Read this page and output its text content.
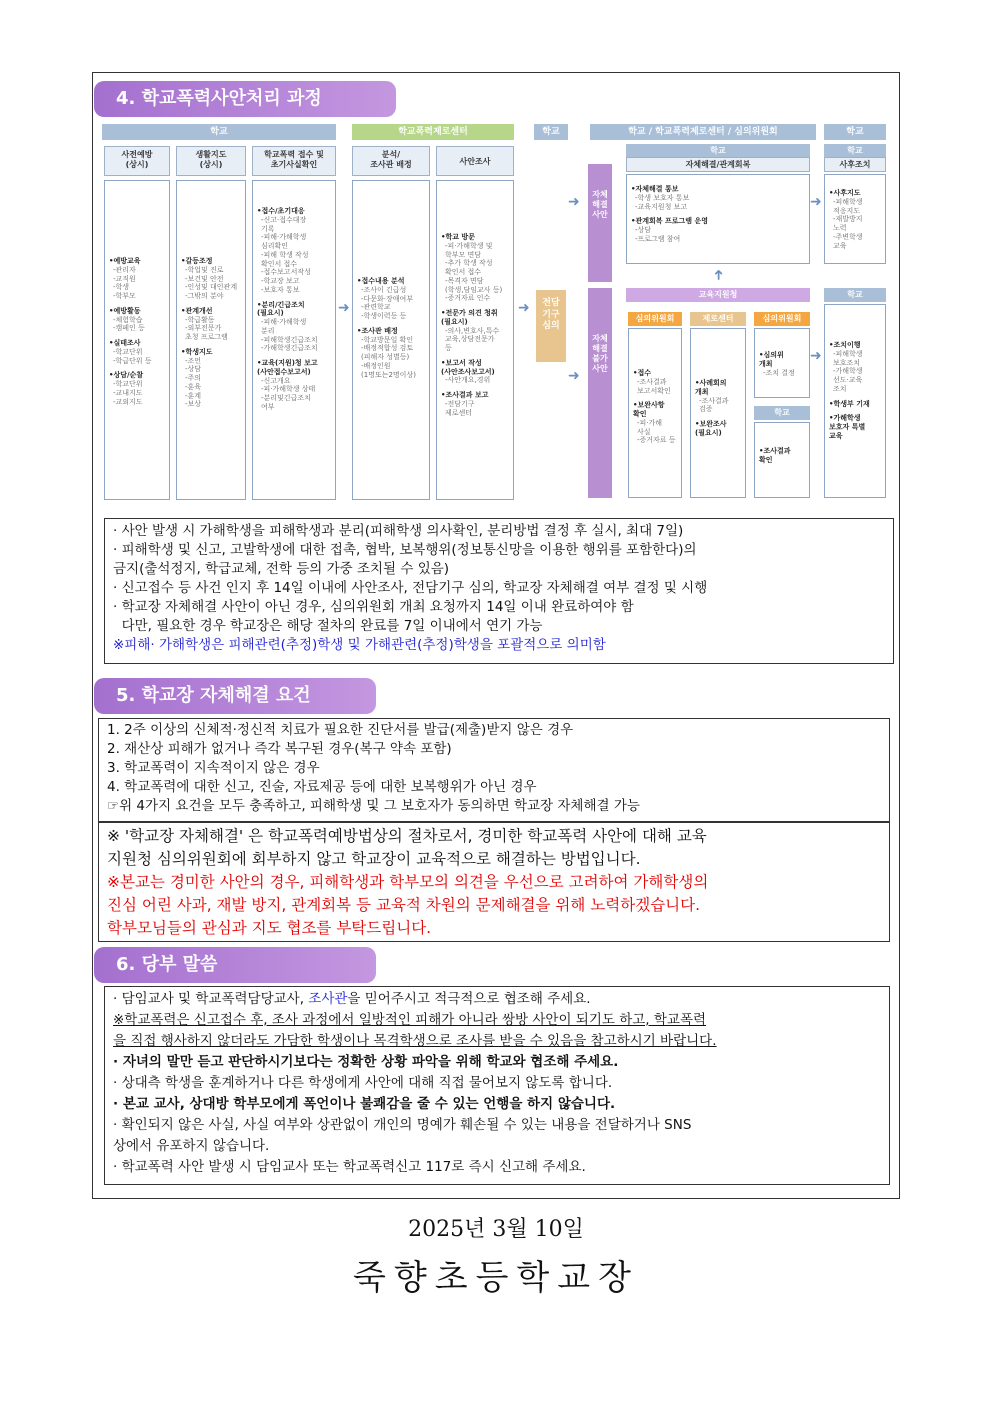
4. 학교폭력사안처리 과정
학교	학교폭력제로센터	학교	학교 / 학교폭력제로센터 / 심의위원회	학교
사전예방
(상시)
생활지도
(상시)
학교폭력 접수 및
초기사실확인
분석/
조사관 배정	사안조사
•예방교육
-관리자
-교직원
-학생
-학부모
•예방활동
-체험학습
-캠페인 등
•실태조사
-학교단위
-학급단위 등
•상담/순찰
-학교단위
-교내지도
-교외지도
•갈등조정
-학업및 진로
-보건및 안전
-인성및 대인관계
-그밖의 분야
•관계개선
-학급활동
-외부전문가
초청 프로그램
•학생지도
-조언
-상담
-주의
-훈육
-훈계
-보상
•접수/초기대응
-신고·접수대장
기록
-피해·가해학생
심리확인
-피해 학생 작성
확인서 접수
-접수보고서작성
-학교장 보고
-보호자 통보
•분리/긴급조치
(필요시)
-피해·가해학생
분리
-피해학생긴급조치
-가해학생긴급조치
•교육(지원)청 보고
(사안접수보고서)
-신고개요
-피·가해학생 상태
-분리및긴급조치
여부
•접수내용 분석
-조사이 긴급성
-다문화·장애여부
-관련학교
-학생이력등 등
•조사관 배정
-학교방문일 확인
-배정적합성 검토
(피해자 성별등)
-배정인원
(1명또는2명이상)
•학교 방문
-피·가해학생 및
학부모 면담
-추가 학생 작성
확인서 접수
-목격자 면담
(학생,담임교사 등)
-증거자료 인수
•전문가 의견 청취
(필요시)
-의사,변호사,특수
교육,상담전문가
등
•보고서 작성
(사안조사보고서)
-사안개요,경위
•조사결과 보고
-전담기구
제로센터
➜	➜	전담
기구
심의
자체
해결
사안
자체
해결
불가
사안
➜
➜
학교
자체해결/관계회복
•자체해결 통보
-학생 보호자 통보
-교육지원청 보고
•관계회복 프로그램 운영
-상담
-프로그램 참여
교육지원청
심의위원회	제로센터	심의위원회
•접수
-조사결과
보고서확인
•보완사항
확인
-피·가해
사실
-증거자료 등
•사례회의
개최
-조사결과
검증
•보완조사
(필요시)
•심의위
개최
-조치 결정
학교
•조사결과
확인
학교
사후조치
•사후지도
-피해학생
적응지도
-재발방지
노력
-주변학생
교육
학교
•조치이행
-피해학생
보호조치
-가해학생
선도·교육
조치
•학생부 기재
•가해학생
보호자 특별
교육
➜
➜
➜
· 사안 발생 시 가해학생을 피해학생과 분리(피해학생 의사확인, 분리방법 결정 후 실시, 최대 7일)
· 피해학생 및 신고, 고발학생에 대한 접촉, 협박, 보복행위(정보통신망을 이용한 행위를 포함한다)의
금지(출석정지, 학급교체, 전학 등의 가중 조치될 수 있음)
· 신고접수 등 사건 인지 후 14일 이내에 사안조사, 전담기구 심의, 학교장 자체해결 여부 결정 및 시행
· 학교장 자체해결 사안이 아닌 경우, 심의위원회 개최 요청까지 14일 이내 완료하여야 함
다만, 필요한 경우 학교장은 해당 절차의 완료를 7일 이내에서 연기 가능
※피해· 가해학생은 피해관련(추정)학생 및 가해관련(추정)학생을 포괄적으로 의미함
5. 학교장 자체해결 요건
1. 2주 이상의 신체적·정신적 치료가 필요한 진단서를 발급(제출)받지 않은 경우
2. 재산상 피해가 없거나 즉각 복구된 경우(복구 약속 포함)
3. 학교폭력이 지속적이지 않은 경우
4. 학교폭력에 대한 신고, 진술, 자료제공 등에 대한 보복행위가 아닌 경우
☞위 4가지 요건을 모두 충족하고, 피해학생 및 그 보호자가 동의하면 학교장 자체해결 가능
※ '학교장 자체해결' 은 학교폭력예방법상의 절차로서, 경미한 학교폭력 사안에 대해 교육
지원청 심의위원회에 회부하지 않고 학교장이 교육적으로 해결하는 방법입니다.
※본교는 경미한 사안의 경우, 피해학생과 학부모의 의견을 우선으로 고려하여 가해학생의
진심 어린 사과, 재발 방지, 관계회복 등 교육적 차원의 문제해결을 위해 노력하겠습니다.
학부모님들의 관심과 지도 협조를 부탁드립니다.
6. 당부 말씀
· 담임교사 및 학교폭력담당교사, 조사관을 믿어주시고 적극적으로 협조해 주세요.
※학교폭력은 신고접수 후, 조사 과정에서 일방적인 피해가 아니라 쌍방 사안이 되기도 하고, 학교폭력
을 직접 행사하지 않더라도 가담한 학생이나 목격학생으로 조사를 받을 수 있음을 참고하시기 바랍니다.
· 자녀의 말만 듣고 판단하시기보다는 정확한 상황 파악을 위해 학교와 협조해 주세요.
· 상대측 학생을 훈계하거나 다른 학생에게 사안에 대해 직접 물어보지 않도록 합니다.
· 본교 교사, 상대방 학부모에게 폭언이나 불쾌감을 줄 수 있는 언행을 하지 않습니다.
· 확인되지 않은 사실, 사실 여부와 상관없이 개인의 명예가 훼손될 수 있는 내용을 전달하거나 SNS
상에서 유포하지 않습니다.
· 학교폭력 사안 발생 시 담임교사 또는 학교폭력신고 117로 즉시 신고해 주세요.
2025년 3월 10일
죽향초등학교장
